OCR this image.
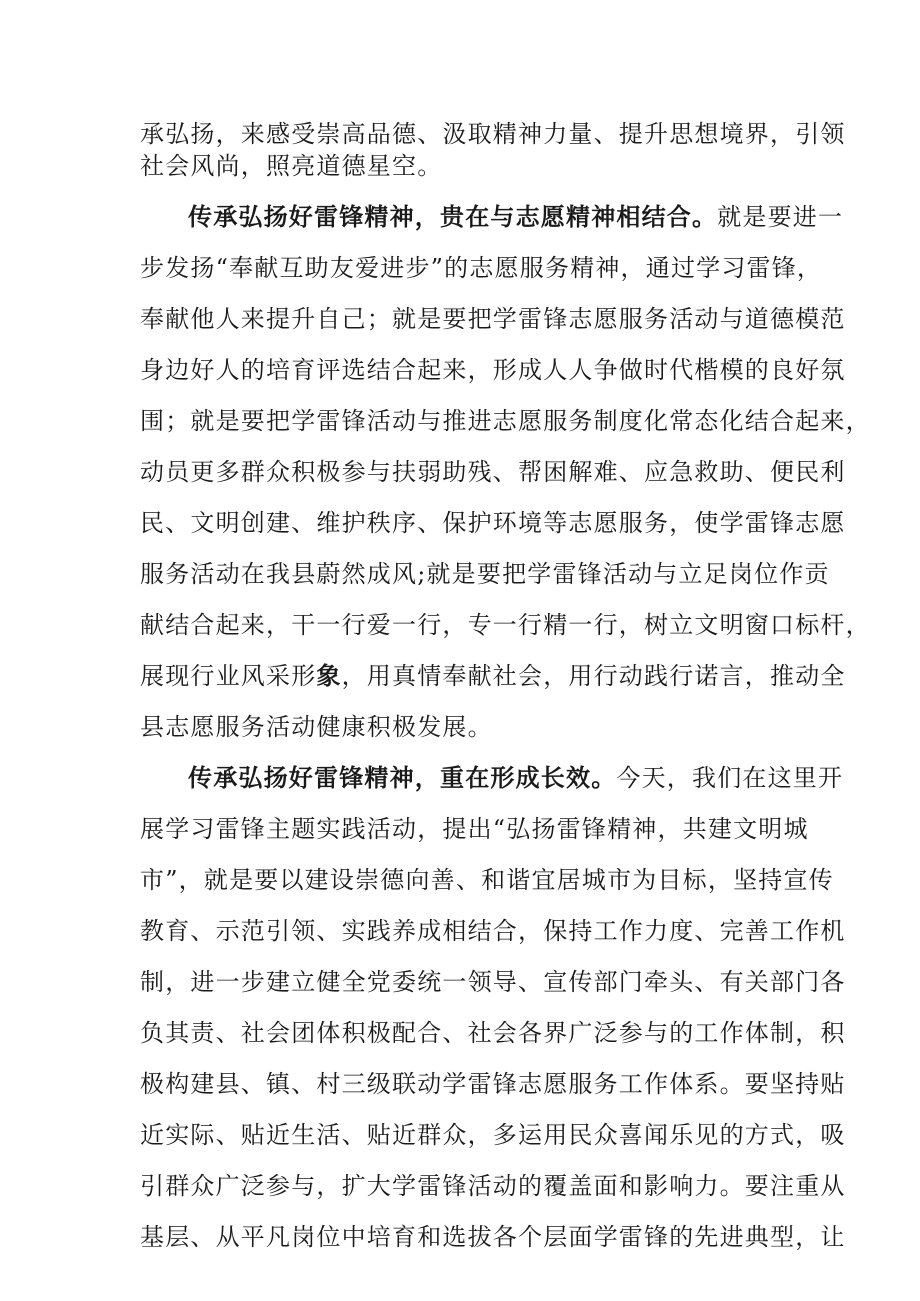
承弘扬，来感受崇高品德、汲取精神力量、提升思想境界，引领
社会风尚，照亮道德星空。
传承弘扬好雷锋精神，贵在与志愿精神相结合。就是要进一
步发扬“奉献互助友爱进步”的志愿服务精神，通过学习雷锋，
奉献他人来提升自己；就是要把学雷锋志愿服务活动与道德模范
身边好人的培育评选结合起来，形成人人争做时代楷模的良好氛
围；就是要把学雷锋活动与推进志愿服务制度化常态化结合起来，
动员更多群众积极参与扶弱助残、帮困解难、应急救助、便民利
民、文明创建、维护秩序、保护环境等志愿服务，使学雷锋志愿
服务活动在我县蔚然成风;就是要把学雷锋活动与立足岗位作贡
献结合起来，干一行爱一行，专一行精一行，树立文明窗口标杆，
展现行业风采形象，用真情奉献社会，用行动践行诺言，推动全
县志愿服务活动健康积极发展。
传承弘扬好雷锋精神，重在形成长效。今天，我们在这里开
展学习雷锋主题实践活动，提出“弘扬雷锋精神，共建文明城
市”，就是要以建设崇德向善、和谐宜居城市为目标，坚持宣传
教育、示范引领、实践养成相结合，保持工作力度、完善工作机
制，进一步建立健全党委统一领导、宣传部门牵头、有关部门各
负其责、社会团体积极配合、社会各界广泛参与的工作体制，积
极构建县、镇、村三级联动学雷锋志愿服务工作体系。要坚持贴
近实际、贴近生活、贴近群众，多运用民众喜闻乐见的方式，吸
引群众广泛参与，扩大学雷锋活动的覆盖面和影响力。要注重从
基层、从平凡岗位中培育和选拔各个层面学雷锋的先进典型，让
